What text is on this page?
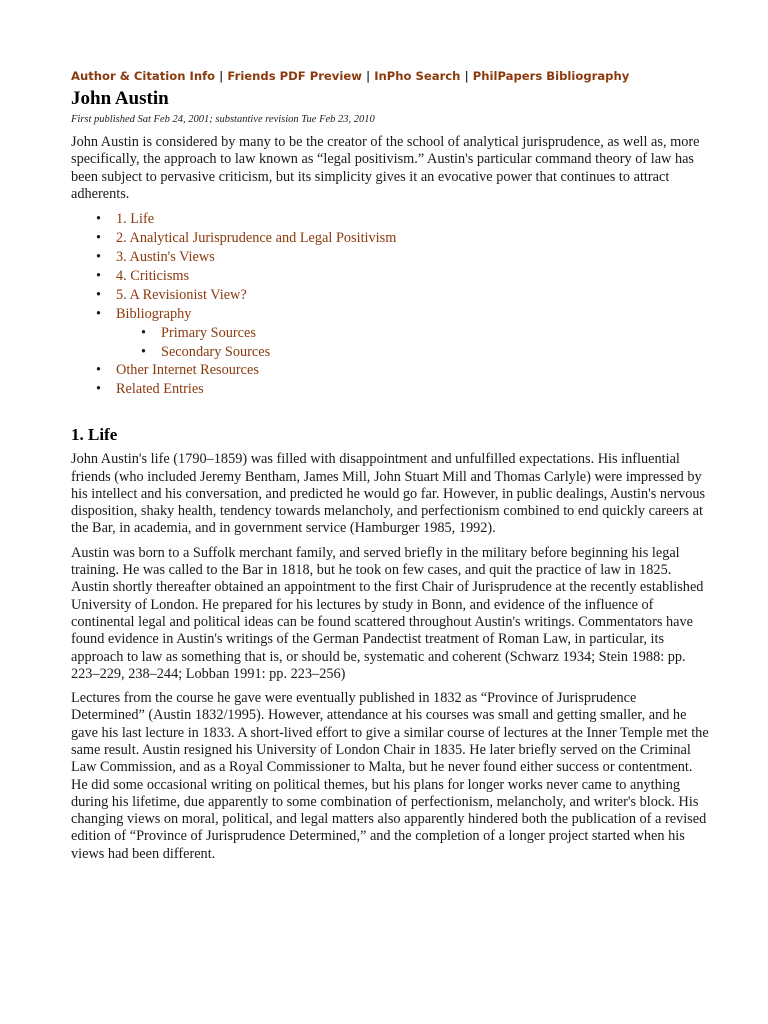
Author & Citation Info | Friends PDF Preview | InPho Search | PhilPapers Bibliography
John Austin
First published Sat Feb 24, 2001; substantive revision Tue Feb 23, 2010

John Austin is considered by many to be the creator of the school of analytical jurisprudence, as well as, more specifically, the approach to law known as “legal positivism.” Austin's particular command theory of law has been subject to pervasive criticism, but its simplicity gives it an evocative power that continues to attract adherents.

• 1. Life
• 2. Analytical Jurisprudence and Legal Positivism
• 3. Austin's Views
• 4. Criticisms
• 5. A Revisionist View?
• Bibliography
• Primary Sources
• Secondary Sources
• Other Internet Resources
• Related Entries
1. Life

John Austin's life (1790–1859) was filled with disappointment and unfulfilled expectations. His influential friends (who included Jeremy Bentham, James Mill, John Stuart Mill and Thomas Carlyle) were impressed by his intellect and his conversation, and predicted he would go far. However, in public dealings, Austin's nervous disposition, shaky health, tendency towards melancholy, and perfectionism combined to end quickly careers at the Bar, in academia, and in government service (Hamburger 1985, 1992).

Austin was born to a Suffolk merchant family, and served briefly in the military before beginning his legal training. He was called to the Bar in 1818, but he took on few cases, and quit the practice of law in 1825. Austin shortly thereafter obtained an appointment to the first Chair of Jurisprudence at the recently established University of London. He prepared for his lectures by study in Bonn, and evidence of the influence of continental legal and political ideas can be found scattered throughout Austin's writings. Commentators have found evidence in Austin's writings of the German Pandectist treatment of Roman Law, in particular, its approach to law as something that is, or should be, systematic and coherent (Schwarz 1934; Stein 1988: pp. 223–229, 238–244; Lobban 1991: pp. 223–256)

Lectures from the course he gave were eventually published in 1832 as “Province of Jurisprudence Determined” (Austin 1832/1995). However, attendance at his courses was small and getting smaller, and he gave his last lecture in 1833. A short-lived effort to give a similar course of lectures at the Inner Temple met the same result. Austin resigned his University of London Chair in 1835. He later briefly served on the Criminal Law Commission, and as a Royal Commissioner to Malta, but he never found either success or contentment. He did some occasional writing on political themes, but his plans for longer works never came to anything during his lifetime, due apparently to some combination of perfectionism, melancholy, and writer's block. His changing views on moral, political, and legal matters also apparently hindered both the publication of a revised edition of “Province of Jurisprudence Determined,” and the completion of a longer project started when his views had been different.
